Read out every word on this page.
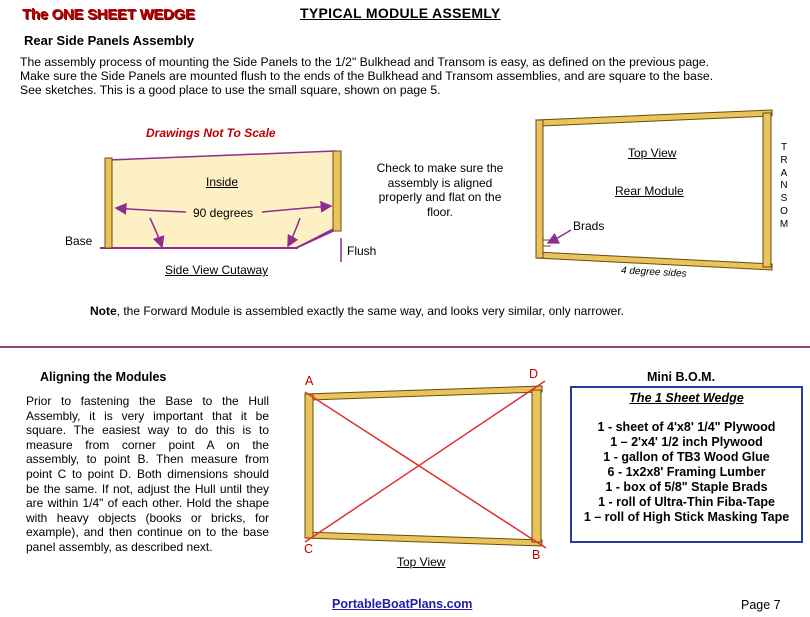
The ONE SHEET WEDGE	TYPICAL MODULE ASSEMLY
Rear Side Panels Assembly

The assembly process of mounting the Side Panels to the 1/2" Bulkhead and Transom is easy, as defined on the previous page.

Make sure the Side Panels are mounted flush to the ends of the Bulkhead and Transom assemblies, and are square to the base.

See sketches. This is a good place to use the small square, shown on page 5.

Drawings Not To Scale
Inside
90 degrees
Base
Flush
Side View Cutaway
Check to make sure the assembly is aligned properly and flat on the floor.
Top View
Rear Module
Brads
4 degree sides
T
R
A
N
S
O
M
Note, the Forward Module is assembled exactly the same way, and looks very similar, only narrower.
Aligning the Modules
Prior to fastening the Base to the Hull Assembly, it is very important that it be square. The easiest way to do this is to measure from corner point A on the assembly, to point B. Then measure from point C to point D. Both dimensions should be the same. If not, adjust the Hull until they are within 1/4" of each other. Hold the shape with heavy objects (books or bricks, for example), and then continue on to the base panel assembly, as described next.
A	D
C	B
Top View
Mini B.O.M.
The 1 Sheet Wedge
1 - sheet of 4'x8' 1/4" Plywood
1 – 2'x4' 1/2 inch Plywood
1 - gallon of TB3 Wood Glue
6 - 1x2x8' Framing Lumber
1 - box of 5/8" Staple Brads
1 - roll of Ultra-Thin Fiba-Tape
1 – roll of High Stick Masking Tape
PortableBoatPlans.com	Page 7
